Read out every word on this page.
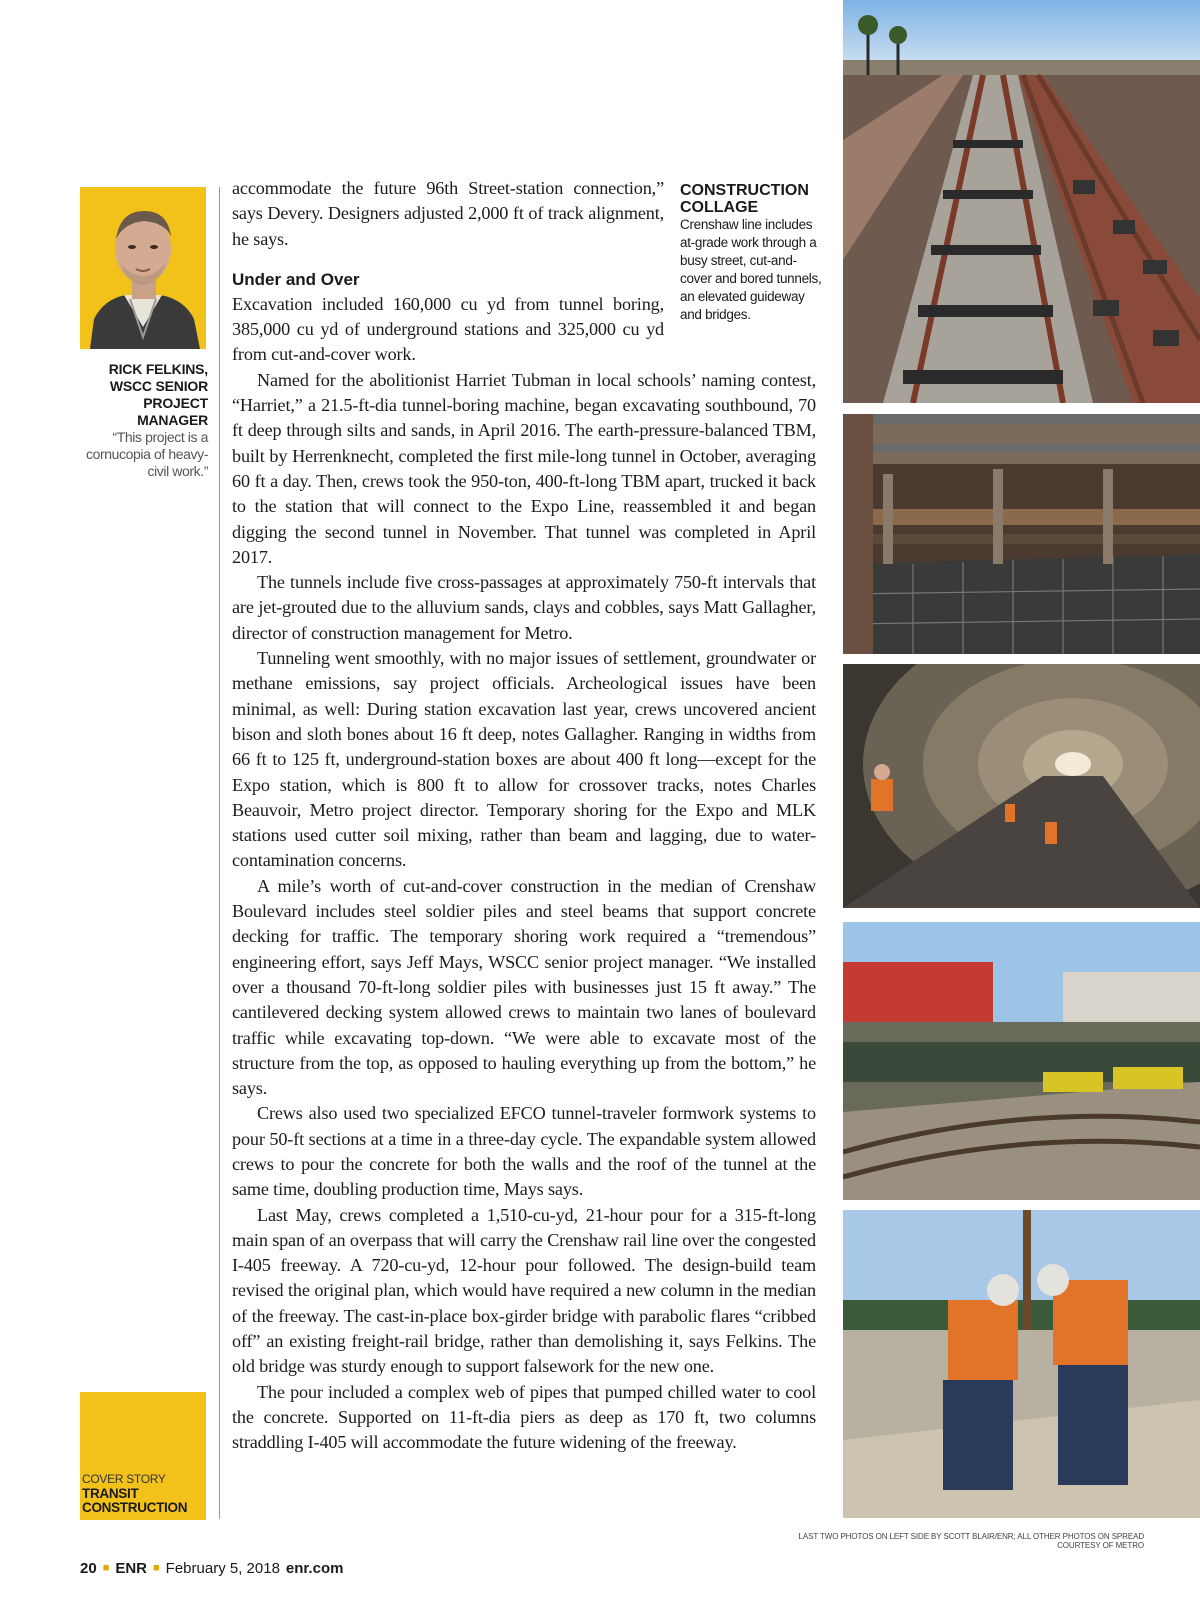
RICK FELKINS,
WSCC SENIOR
PROJECT
MANAGER
“This project is a
cornucopia of heavy-
civil work.”

accommodate the future 96th Street-station connection,” says Devery. Designers adjusted 2,000 ft of track alignment, he says.

Under and Over

Excavation included 160,000 cu yd from tunnel boring, 385,000 cu yd of underground stations and 325,000 cu yd from cut-and-cover work.

Named for the abolitionist Harriet Tubman in local schools’ naming contest, “Harriet,” a 21.5-ft-dia tunnel-boring machine, began excavating southbound, 70 ft deep through silts and sands, in April 2016. The earth-pressure-balanced TBM, built by Herrenknecht, completed the first mile-long tunnel in October, averaging 60 ft a day. Then, crews took the 950-ton, 400-ft-long TBM apart, trucked it back to the station that will connect to the Expo Line, reassembled it and began digging the second tunnel in November. That tunnel was completed in April 2017.

The tunnels include five cross-passages at approximately 750-ft intervals that are jet-grouted due to the alluvium sands, clays and cobbles, says Matt Gallagher, director of construction management for Metro.

Tunneling went smoothly, with no major issues of settlement, groundwater or methane emissions, say project officials. Archeological issues have been minimal, as well: During station excavation last year, crews uncovered ancient bison and sloth bones about 16 ft deep, notes Gallagher. Ranging in widths from 66 ft to 125 ft, underground-station boxes are about 400 ft long—except for the Expo station, which is 800 ft to allow for crossover tracks, notes Charles Beauvoir, Metro project director. Temporary shoring for the Expo and MLK stations used cutter soil mixing, rather than beam and lagging, due to water-contamination concerns.

A mile’s worth of cut-and-cover construction in the median of Crenshaw Boulevard includes steel soldier piles and steel beams that support concrete decking for traffic. The temporary shoring work required a “tremendous” engineering effort, says Jeff Mays, WSCC senior project manager. “We installed over a thousand 70-ft-long soldier piles with businesses just 15 ft away.” The cantilevered decking system allowed crews to maintain two lanes of boulevard traffic while excavating top-down. “We were able to excavate most of the structure from the top, as opposed to hauling everything up from the bottom,” he says.

Crews also used two specialized EFCO tunnel-traveler formwork systems to pour 50-ft sections at a time in a three-day cycle. The expandable system allowed crews to pour the concrete for both the walls and the roof of the tunnel at the same time, doubling production time, Mays says.

Last May, crews completed a 1,510-cu-yd, 21-hour pour for a 315-ft-long main span of an overpass that will carry the Crenshaw rail line over the congested I-405 freeway. A 720-cu-yd, 12-hour pour followed. The design-build team revised the original plan, which would have required a new column in the median of the freeway. The cast-in-place box-girder bridge with parabolic flares “cribbed off” an existing freight-rail bridge, rather than demolishing it, says Felkins. The old bridge was sturdy enough to support falsework for the new one.

The pour included a complex web of pipes that pumped chilled water to cool the concrete. Supported on 11-ft-dia piers as deep as 170 ft, two columns straddling I-405 will accommodate the future widening of the freeway.

CONSTRUCTION COLLAGE
Crenshaw line includes at-grade work through a busy street, cut-and-cover and bored tunnels, an elevated guideway and bridges.
LAST TWO PHOTOS ON LEFT SIDE BY SCOTT BLAIR/ENR; ALL OTHER PHOTOS ON SPREAD COURTESY OF METRO
COVER STORY
TRANSIT
CONSTRUCTION
20 ■ ENR ■ February 5, 2018 enr.com
